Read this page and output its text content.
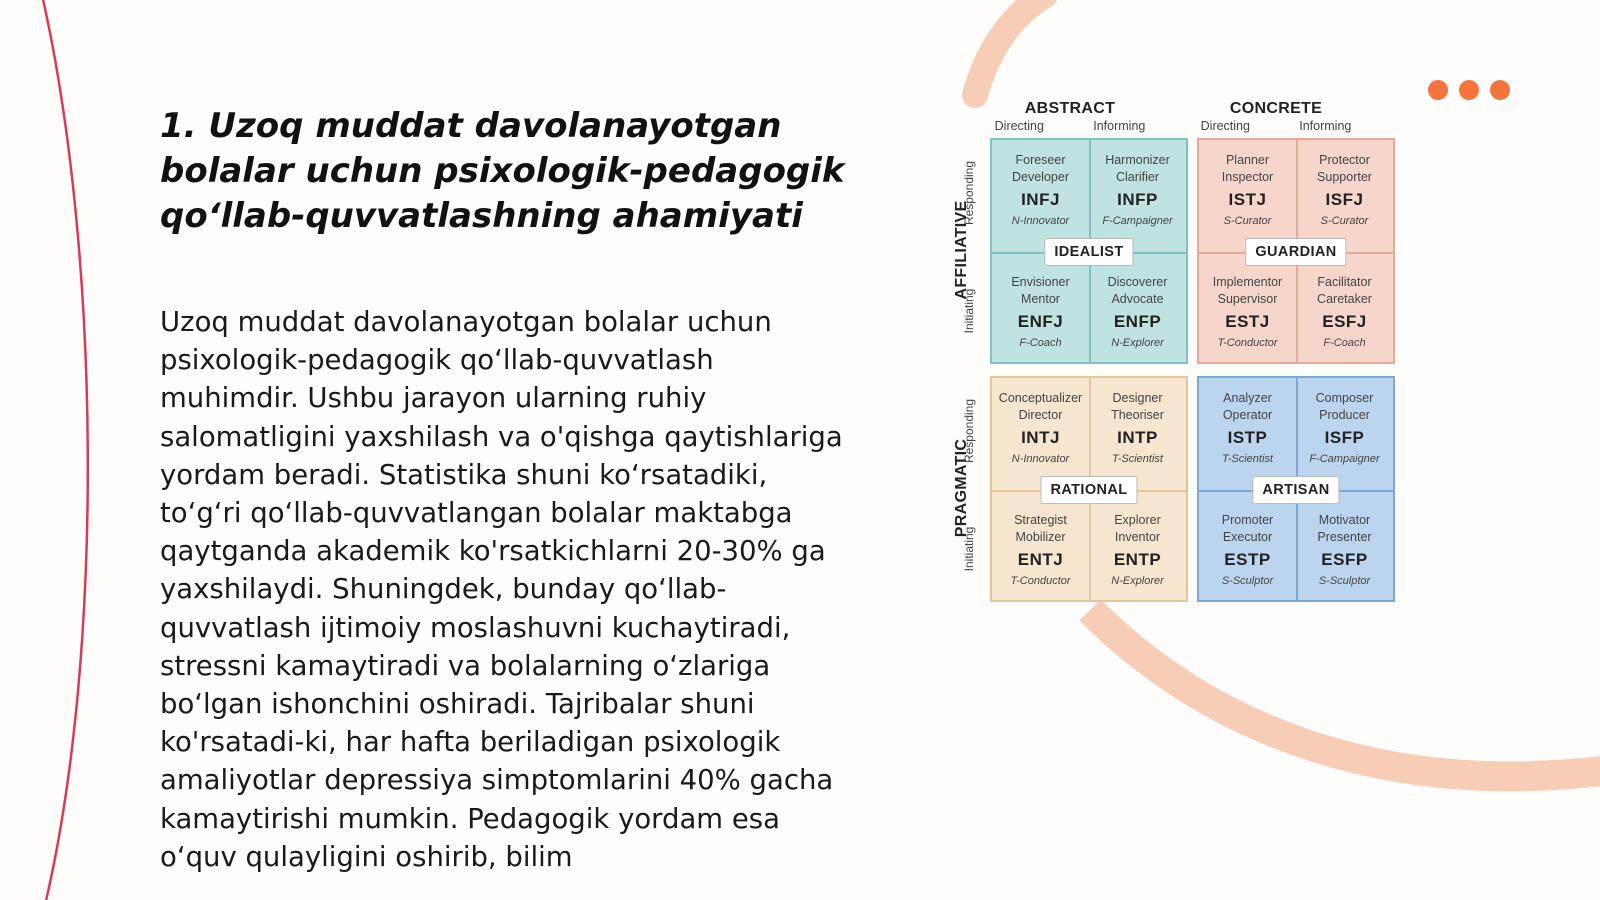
1. Uzoq muddat davolanayotgan bolalar uchun psixologik-pedagogik qo‘llab-quvvatlashning ahamiyati

Uzoq muddat davolanayotgan bolalar uchun psixologik-pedagogik qo‘llab-quvvatlash muhimdir. Ushbu jarayon ularning ruhiy salomatligini yaxshilash va o'qishga qaytishlariga yordam beradi. Statistika shuni ko‘rsatadiki, to‘g‘ri qo‘llab-quvvatlangan bolalar maktabga qaytganda akademik ko'rsatkichlarni 20-30% ga yaxshilaydi. Shuningdek, bunday qo‘llab-quvvatlash ijtimoiy moslashuvni kuchaytiradi, stressni kamaytiradi va bolalarning o‘zlariga bo‘lgan ishonchini oshiradi. Tajribalar shuni ko'rsatadi-ki, har hafta beriladigan psixologik amaliyotlar depressiya simptomlarini 40% gacha kamaytirishi mumkin. Pedagogik yordam esa o‘quv qulayligini oshirib, bilim

ABSTRACT
Directing	Informing
CONCRETE
Directing	Informing
AFFILIATIVE
Responding
Initiating
PRAGMATIC
Responding
Initiating
Foreseer
Developer
INFJ
N-Innovator
Harmonizer
Clarifier
INFP
F-Campaigner
Envisioner
Mentor
ENFJ
F-Coach
Discoverer
Advocate
ENFP
N-Explorer
IDEALIST
Planner
Inspector
ISTJ
S-Curator
Protector
Supporter
ISFJ
S-Curator
Implementor
Supervisor
ESTJ
T-Conductor
Facilitator
Caretaker
ESFJ
F-Coach
GUARDIAN
Conceptualizer
Director
INTJ
N-Innovator
Designer
Theoriser
INTP
T-Scientist
Strategist
Mobilizer
ENTJ
T-Conductor
Explorer
Inventor
ENTP
N-Explorer
RATIONAL
Analyzer
Operator
ISTP
T-Scientist
Composer
Producer
ISFP
F-Campaigner
Promoter
Executor
ESTP
S-Sculptor
Motivator
Presenter
ESFP
S-Sculptor
ARTISAN
